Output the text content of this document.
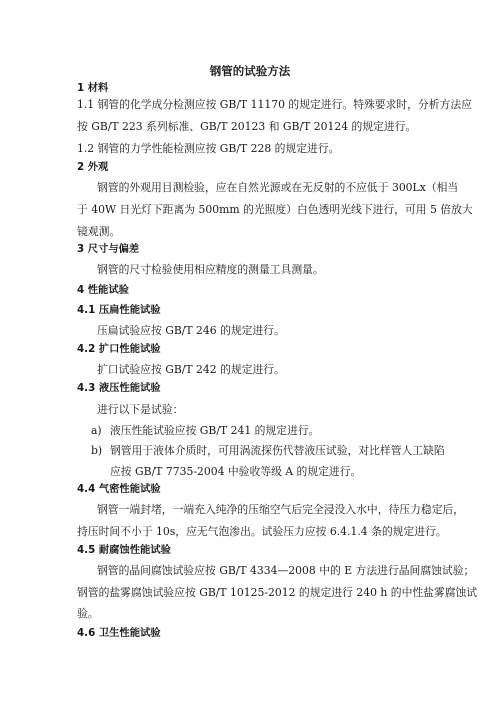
钢管的试验方法
1 材料
1.1 钢管的化学成分检测应按 GB/T 11170 的规定进行。特殊要求时，分析方法应
按 GB/T 223 系列标准、GB/T 20123 和 GB/T 20124 的规定进行。
1.2 钢管的力学性能检测应按 GB/T 228 的规定进行。
2 外观
钢管的外观用目测检验，应在自然光源或在无反射的不应低于 300Lx（相当
于 40W 日光灯下距离为 500mm 的光照度）白色透明光线下进行，可用 5 倍放大
镜观测。
3 尺寸与偏差
钢管的尺寸检验使用相应精度的测量工具测量。
4 性能试验
4.1 压扁性能试验
压扁试验应按 GB/T 246 的规定进行。
4.2 扩口性能试验
扩口试验应按 GB/T 242 的规定进行。
4.3 液压性能试验
进行以下是试验：
a) 液压性能试验应按 GB/T 241 的规定进行。
b) 钢管用于液体介质时，可用涡流探伤代替液压试验，对比样管人工缺陷
应按 GB/T 7735-2004 中验收等级 A 的规定进行。
4.4 气密性能试验
钢管一端封堵，一端充入纯净的压缩空气后完全浸没入水中，待压力稳定后，
持压时间不小于 10s，应无气泡渗出。试验压力应按 6.4.1.4 条的规定进行。
4.5 耐腐蚀性能试验
钢管的晶间腐蚀试验应按 GB/T 4334—2008 中的 E 方法进行晶间腐蚀试验；
钢管的盐雾腐蚀试验应按 GB/T 10125-2012 的规定进行 240 h 的中性盐雾腐蚀试
验。
4.6 卫生性能试验
